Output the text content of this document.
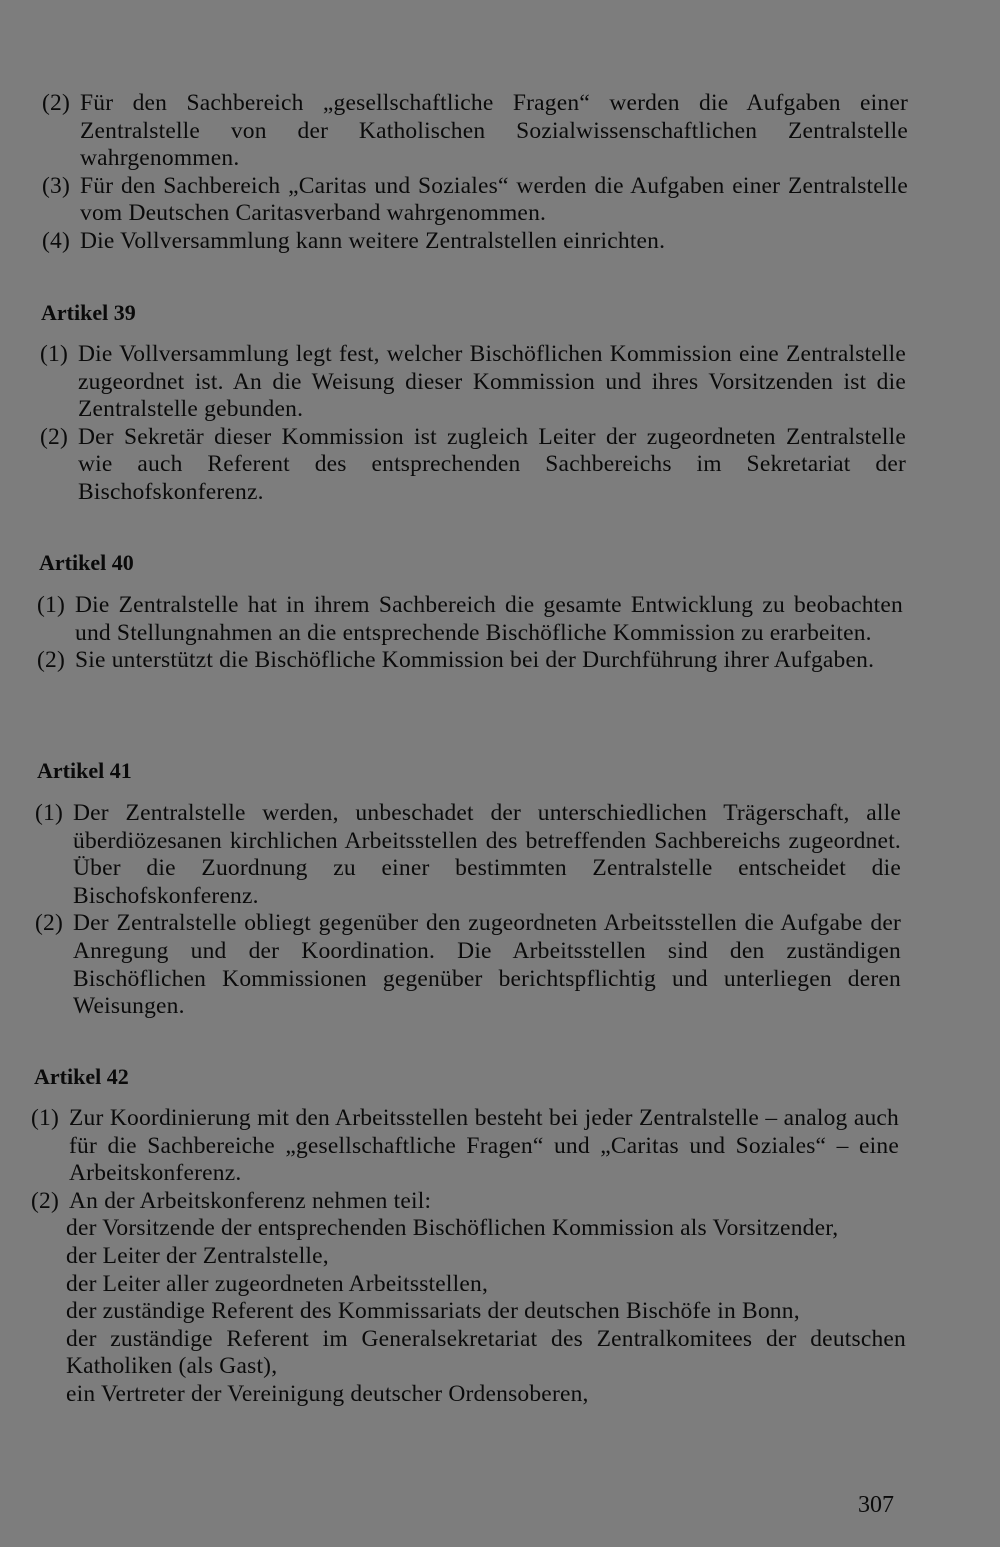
(2) Für den Sachbereich „gesellschaftliche Fragen“ werden die Aufgaben einer Zentralstelle von der Katholischen Sozialwissenschaftlichen Zentralstelle wahrgenommen.
(3) Für den Sachbereich „Caritas und Soziales“ werden die Aufgaben einer Zentralstelle vom Deutschen Caritasverband wahrgenommen.
(4) Die Vollversammlung kann weitere Zentralstellen einrichten.
Artikel 39
(1) Die Vollversammlung legt fest, welcher Bischöflichen Kommission eine Zentralstelle zugeordnet ist. An die Weisung dieser Kommission und ihres Vorsitzenden ist die Zentralstelle gebunden.
(2) Der Sekretär dieser Kommission ist zugleich Leiter der zugeordneten Zentralstelle wie auch Referent des entsprechenden Sachbereichs im Sekretariat der Bischofskonferenz.
Artikel 40
(1) Die Zentralstelle hat in ihrem Sachbereich die gesamte Entwicklung zu beobachten und Stellungnahmen an die entsprechende Bischöfliche Kommission zu erarbeiten.
(2) Sie unterstützt die Bischöfliche Kommission bei der Durchführung ihrer Aufgaben.
Artikel 41
(1) Der Zentralstelle werden, unbeschadet der unterschiedlichen Trägerschaft, alle überdiözesanen kirchlichen Arbeitsstellen des betreffenden Sachbereichs zugeordnet. Über die Zuordnung zu einer bestimmten Zentralstelle entscheidet die Bischofskonferenz.
(2) Der Zentralstelle obliegt gegenüber den zugeordneten Arbeitsstellen die Aufgabe der Anregung und der Koordination. Die Arbeitsstellen sind den zuständigen Bischöflichen Kommissionen gegenüber berichtspflichtig und unterliegen deren Weisungen.
Artikel 42
(1) Zur Koordinierung mit den Arbeitsstellen besteht bei jeder Zentralstelle – analog auch für die Sachbereiche „gesellschaftliche Fragen“ und „Caritas und Soziales“ – eine Arbeitskonferenz.
(2) An der Arbeitskonferenz nehmen teil:
der Vorsitzende der entsprechenden Bischöflichen Kommission als Vorsitzender,
der Leiter der Zentralstelle,
der Leiter aller zugeordneten Arbeitsstellen,
der zuständige Referent des Kommissariats der deutschen Bischöfe in Bonn,
der zuständige Referent im Generalsekretariat des Zentralkomitees der deutschen Katholiken (als Gast),
ein Vertreter der Vereinigung deutscher Ordensoberen,
307
